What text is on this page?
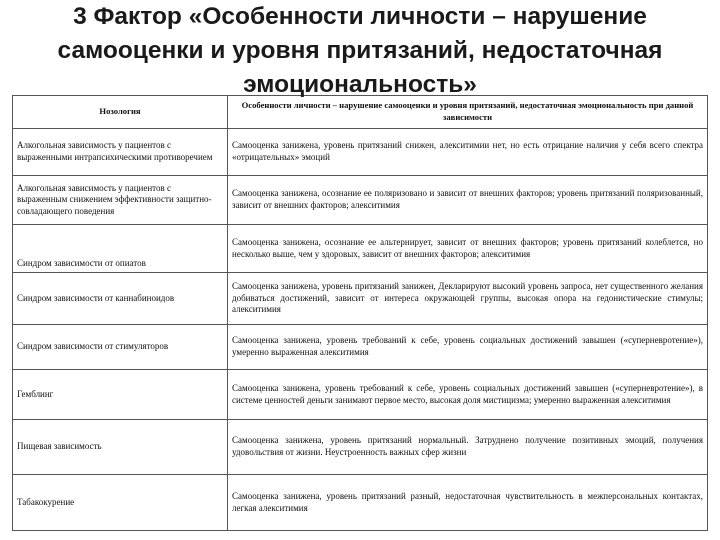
3 Фактор «Особенности личности – нарушение
самооценки и уровня притязаний, недостаточная
эмоциональность»
Нозология	Особенности личности – нарушение самооценки и уровня притязаний, недостаточная эмоциональность при данной зависимости
Алкогольная зависимость у пациентов с выраженными интрапсихическими противоречием	Самооценка занижена, уровень притязаний снижен, алекситимии нет, но есть отрицание наличия у себя всего спектра «отрицательных» эмоций
Алкогольная зависимость у пациентов с выраженным снижением эффективности защитно-совладающего поведения	Самооценка занижена, осознание ее поляризовано и зависит от внешних факторов; уровень притязаний поляризованный, зависит от внешних факторов; алекситимия
Синдром зависимости от опиатов	Самооценка занижена, осознание ее альтернирует, зависит от внешних факторов; уровень притязаний колеблется, но несколько выше, чем у здоровых, зависит от внешних факторов; алекситимия
Синдром зависимости от каннабиноидов	Самооценка занижена, уровень притязаний занижен, Декларируют высокий уровень запроса, нет существенного желания добиваться достижений, зависит от интереса окружающей группы, высокая опора на гедонистические стимулы; алекситимия
Синдром зависимости от стимуляторов	Самооценка занижена, уровень требований к себе, уровень социальных достижений завышен («суперневротение»), умеренно выраженная алекситимия
Гемблинг	Самооценка занижена, уровень требований к себе, уровень социальных достижений завышен («суперневротение»), в системе ценностей деньги занимают первое место, высокая доля мистицизма; умеренно выраженная алекситимия
Пищевая зависимость	Самооценка занижена, уровень притязаний нормальный. Затруднено получение позитивных эмоций, получения удовольствия от жизни. Неустроенность важных сфер жизни
Табакокурение	Самооценка занижена, уровень притязаний разный, недостаточная чувствительность в межперсональных контактах, легкая алекситимия
